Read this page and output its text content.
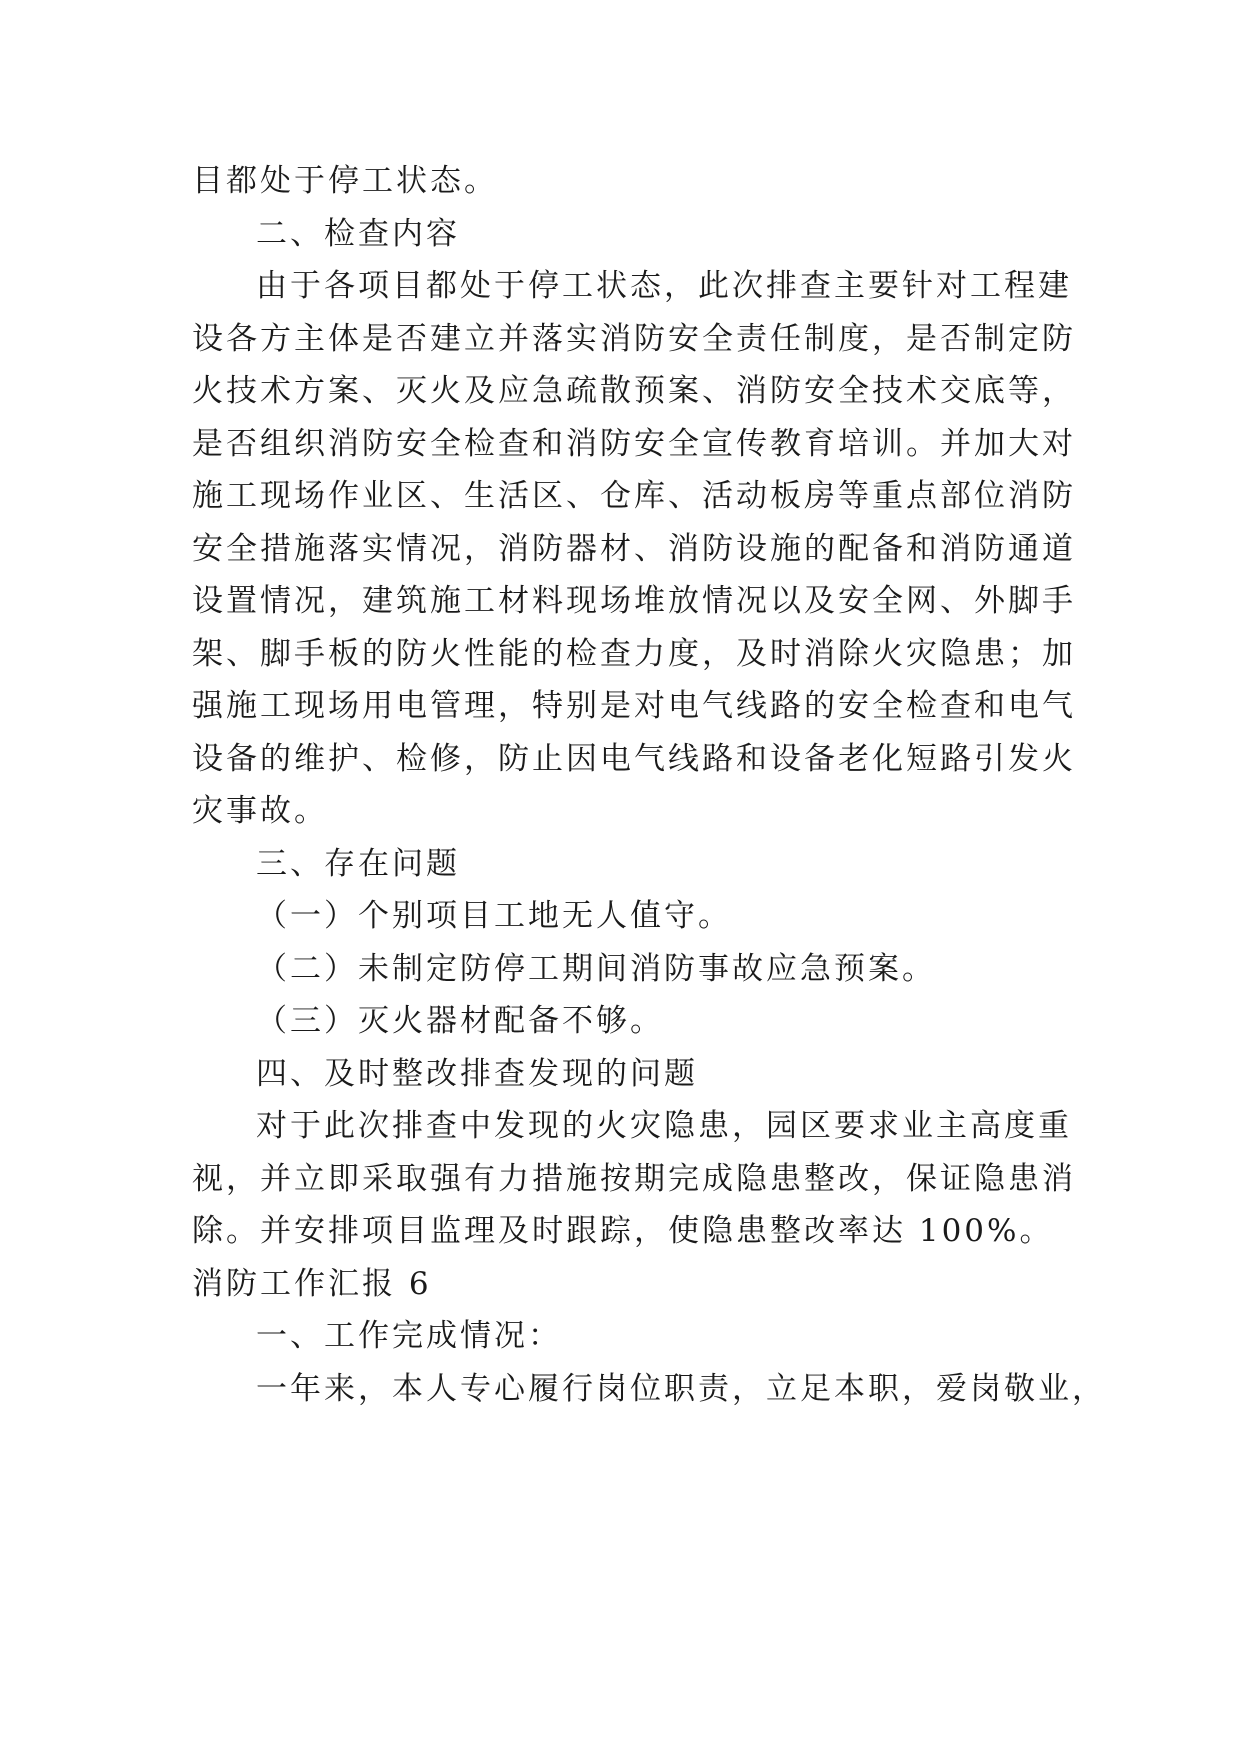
目都处于停工状态。
二、检查内容
由于各项目都处于停工状态，此次排查主要针对工程建
设各方主体是否建立并落实消防安全责任制度，是否制定防
火技术方案、灭火及应急疏散预案、消防安全技术交底等，
是否组织消防安全检查和消防安全宣传教育培训。并加大对
施工现场作业区、生活区、仓库、活动板房等重点部位消防
安全措施落实情况，消防器材、消防设施的配备和消防通道
设置情况，建筑施工材料现场堆放情况以及安全网、外脚手
架、脚手板的防火性能的检查力度，及时消除火灾隐患；加
强施工现场用电管理，特别是对电气线路的安全检查和电气
设备的维护、检修，防止因电气线路和设备老化短路引发火
灾事故。
三、存在问题
（一）个别项目工地无人值守。
（二）未制定防停工期间消防事故应急预案。
（三）灭火器材配备不够。
四、及时整改排查发现的问题
对于此次排查中发现的火灾隐患，园区要求业主高度重
视，并立即采取强有力措施按期完成隐患整改，保证隐患消
除。并安排项目监理及时跟踪，使隐患整改率达 100%。
消防工作汇报 6
一、工作完成情况：
一年来，本人专心履行岗位职责，立足本职，爱岗敬业，
